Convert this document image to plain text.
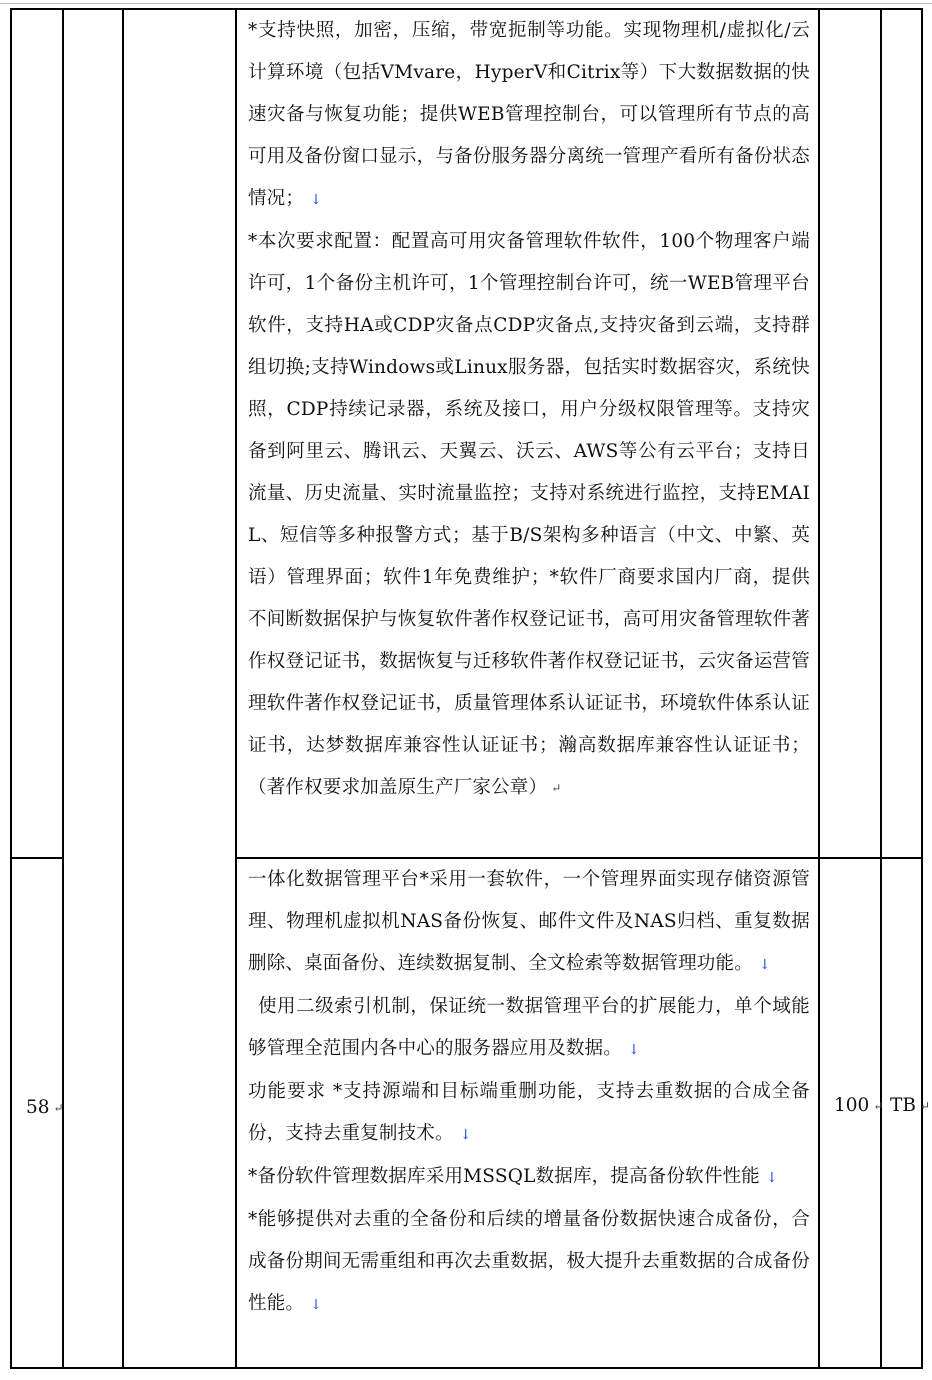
*支持快照，加密，压缩，带宽扼制等功能。实现物理机/虚拟化/云计算环境（包括VMvare，HyperV和Citrix等）下大数据数据的快速灾备与恢复功能；提供WEB管理控制台，可以管理所有节点的高可用及备份窗口显示，与备份服务器分离统一管理产看所有备份状态情况； ↓
*本次要求配置：配置高可用灾备管理软件软件，100个物理客户端许可，1个备份主机许可，1个管理控制台许可，统一WEB管理平台软件，支持HA或CDP灾备点CDP灾备点,支持灾备到云端，支持群组切换;支持Windows或Linux服务器，包括实时数据容灾，系统快照，CDP持续记录器，系统及接口，用户分级权限管理等。支持灾备到阿里云、腾讯云、天翼云、沃云、AWS等公有云平台；支持日流量、历史流量、实时流量监控；支持对系统进行监控，支持EMAIL、短信等多种报警方式；基于B/S架构多种语言（中文、中繁、英语）管理界面；软件1年免费维护；*软件厂商要求国内厂商，提供不间断数据保护与恢复软件著作权登记证书，高可用灾备管理软件著作权登记证书，数据恢复与迁移软件著作权登记证书，云灾备运营管理软件著作权登记证书，质量管理体系认证证书，环境软件体系认证证书，达梦数据库兼容性认证证书；瀚高数据库兼容性认证证书；（著作权要求加盖原生产厂家公章） ↵
58 ↵
一体化数据管理平台*采用一套软件，一个管理界面实现存储资源管理、物理机虚拟机NAS备份恢复、邮件文件及NAS归档、重复数据删除、桌面备份、连续数据复制、全文检索等数据管理功能。 ↓
使用二级索引机制，保证统一数据管理平台的扩展能力，单个域能够管理全范围内各中心的服务器应用及数据。 ↓
功能要求 *支持源端和目标端重删功能，支持去重数据的合成全备份，支持去重复制技术。 ↓
*备份软件管理数据库采用MSSQL数据库，提高备份软件性能 ↓
*能够提供对去重的全备份和后续的增量备份数据快速合成备份，合成备份期间无需重组和再次去重数据，极大提升去重数据的合成备份性能。 ↓
100 ↵ TB ↵
